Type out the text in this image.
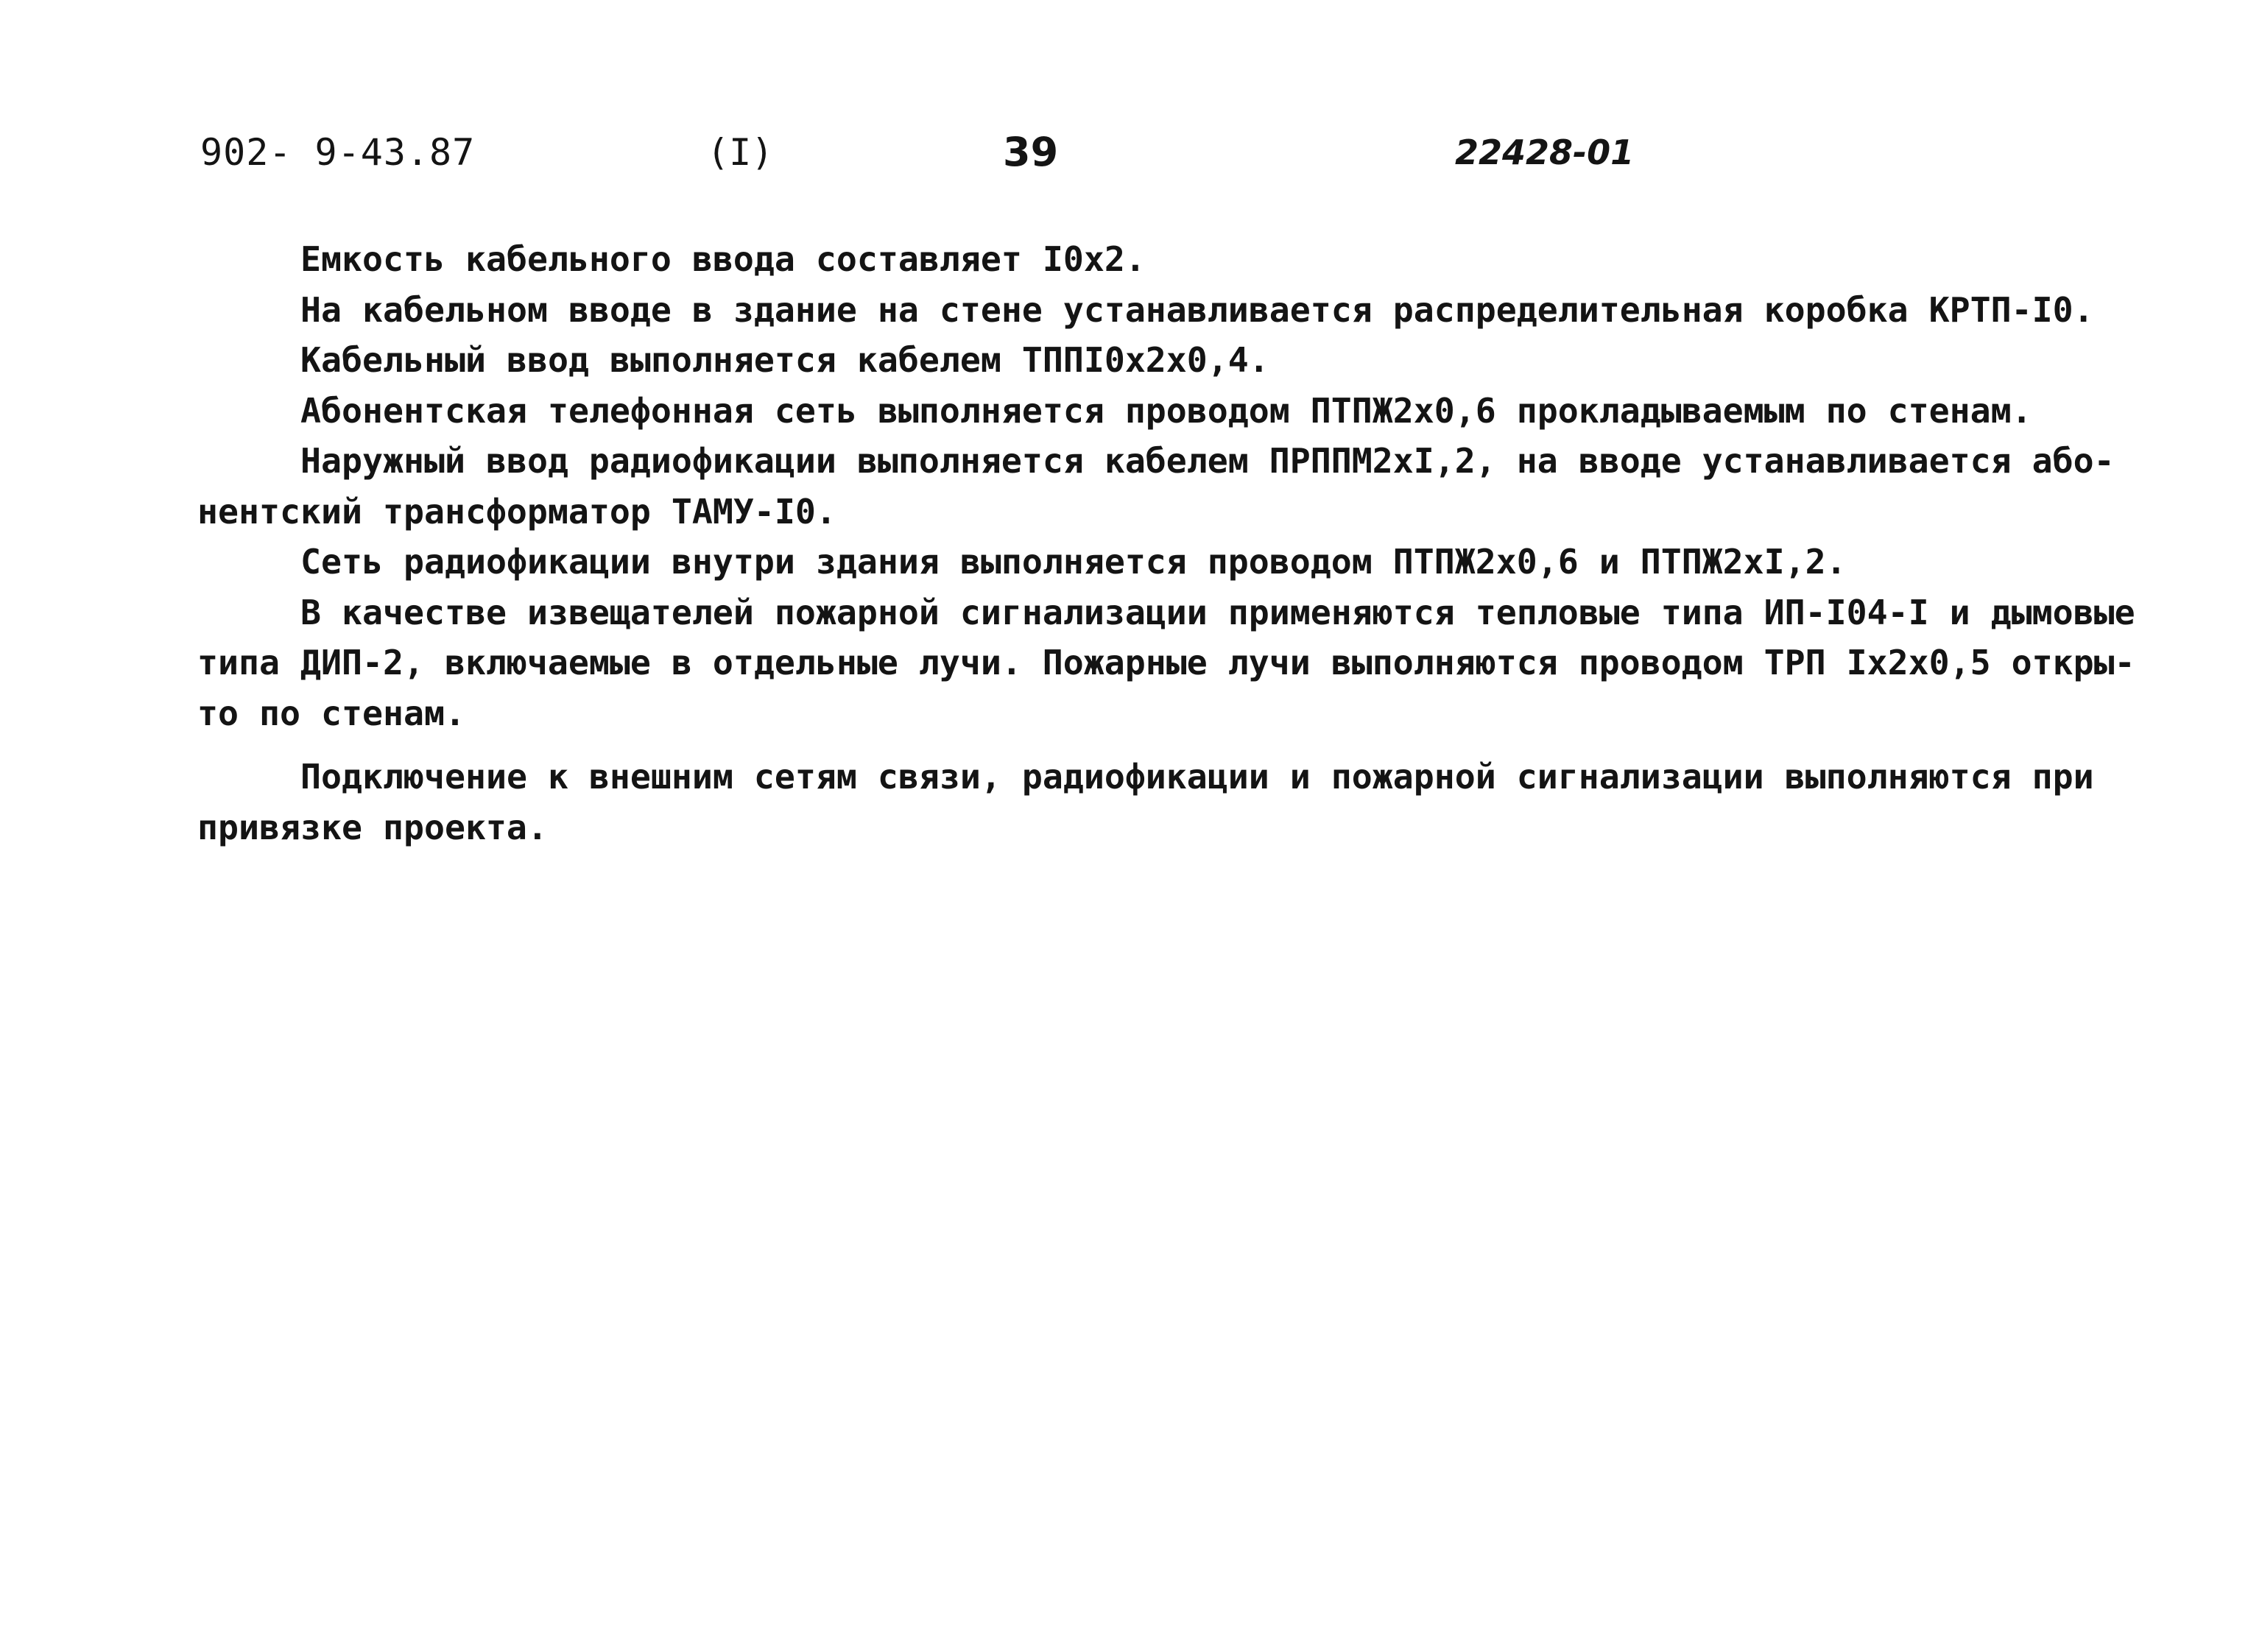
902- 9-43.87	(I)	39	22428-01

Емкость кабельного ввода составляет I0x2.

На кабельном вводе в здание на стене устанавливается распределительная коробка КРТП-I0.

Кабельный ввод выполняется кабелем ТППI0x2x0,4.

Абонентская телефонная сеть выполняется проводом ПТПЖ2x0,6 прокладываемым по стенам.

Наружный ввод радиофикации выполняется кабелем ПРППМ2xI,2, на вводе устанавливается або-
нентский трансформатор ТАМУ-I0.

Сеть радиофикации внутри здания выполняется проводом ПТПЖ2x0,6 и ПТПЖ2xI,2.

В качестве извещателей пожарной сигнализации применяются тепловые типа ИП-I04-I и дымовые
типа ДИП-2, включаемые в отдельные лучи. Пожарные лучи выполняются проводом ТРП Ix2x0,5 откры-
то по стенам.

Подключение к внешним сетям связи, радиофикации и пожарной сигнализации выполняются при
привязке проекта.
